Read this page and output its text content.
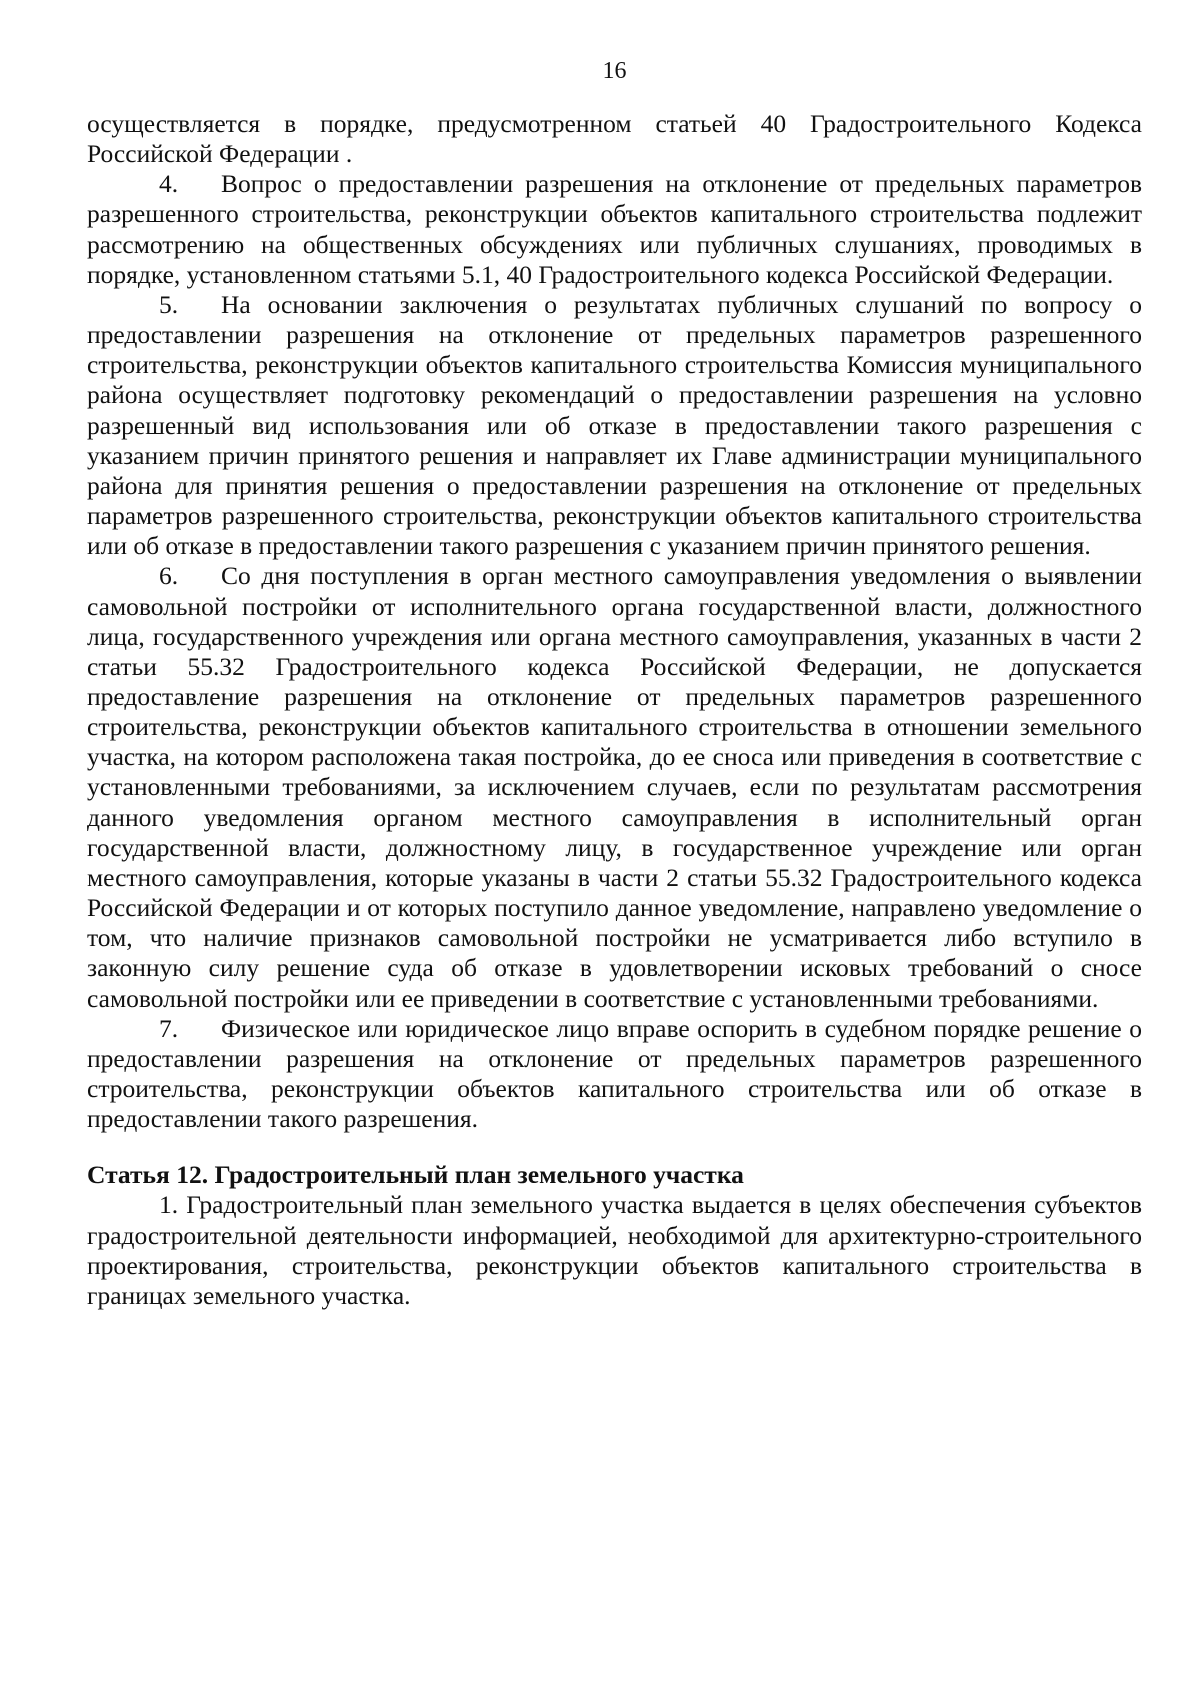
16

осуществляется в порядке, предусмотренном статьей 40 Градостроительного Кодекса Российской Федерации .

4. Вопрос о предоставлении разрешения на отклонение от предельных параметров разрешенного строительства, реконструкции объектов капитального строительства подлежит рассмотрению на общественных обсуждениях или публичных слушаниях, проводимых в порядке, установленном статьями 5.1, 40 Градостроительного кодекса Российской Федерации.

5. На основании заключения о результатах публичных слушаний по вопросу о предоставлении разрешения на отклонение от предельных параметров разрешенного строительства, реконструкции объектов капитального строительства Комиссия муниципального района осуществляет подготовку рекомендаций о предоставлении разрешения на условно разрешенный вид использования или об отказе в предоставлении такого разрешения с указанием причин принятого решения и направляет их Главе администрации муниципального района для принятия решения о предоставлении разрешения на отклонение от предельных параметров разрешенного строительства, реконструкции объектов капитального строительства или об отказе в предоставлении такого разрешения с указанием причин принятого решения.

6. Со дня поступления в орган местного самоуправления уведомления о выявлении самовольной постройки от исполнительного органа государственной власти, должностного лица, государственного учреждения или органа местного самоуправления, указанных в части 2 статьи 55.32 Градостроительного кодекса Российской Федерации, не допускается предоставление разрешения на отклонение от предельных параметров разрешенного строительства, реконструкции объектов капитального строительства в отношении земельного участка, на котором расположена такая постройка, до ее сноса или приведения в соответствие с установленными требованиями, за исключением случаев, если по результатам рассмотрения данного уведомления органом местного самоуправления в исполнительный орган государственной власти, должностному лицу, в государственное учреждение или орган местного самоуправления, которые указаны в части 2 статьи 55.32 Градостроительного кодекса Российской Федерации и от которых поступило данное уведомление, направлено уведомление о том, что наличие признаков самовольной постройки не усматривается либо вступило в законную силу решение суда об отказе в удовлетворении исковых требований о сносе самовольной постройки или ее приведении в соответствие с установленными требованиями.

7. Физическое или юридическое лицо вправе оспорить в судебном порядке решение о предоставлении разрешения на отклонение от предельных параметров разрешенного строительства, реконструкции объектов капитального строительства или об отказе в предоставлении такого разрешения.

Статья 12. Градостроительный план земельного участка

1. Градостроительный план земельного участка выдается в целях обеспечения субъектов градостроительной деятельности информацией, необходимой для архитектурно-строительного проектирования, строительства, реконструкции объектов капитального строительства в границах земельного участка.
